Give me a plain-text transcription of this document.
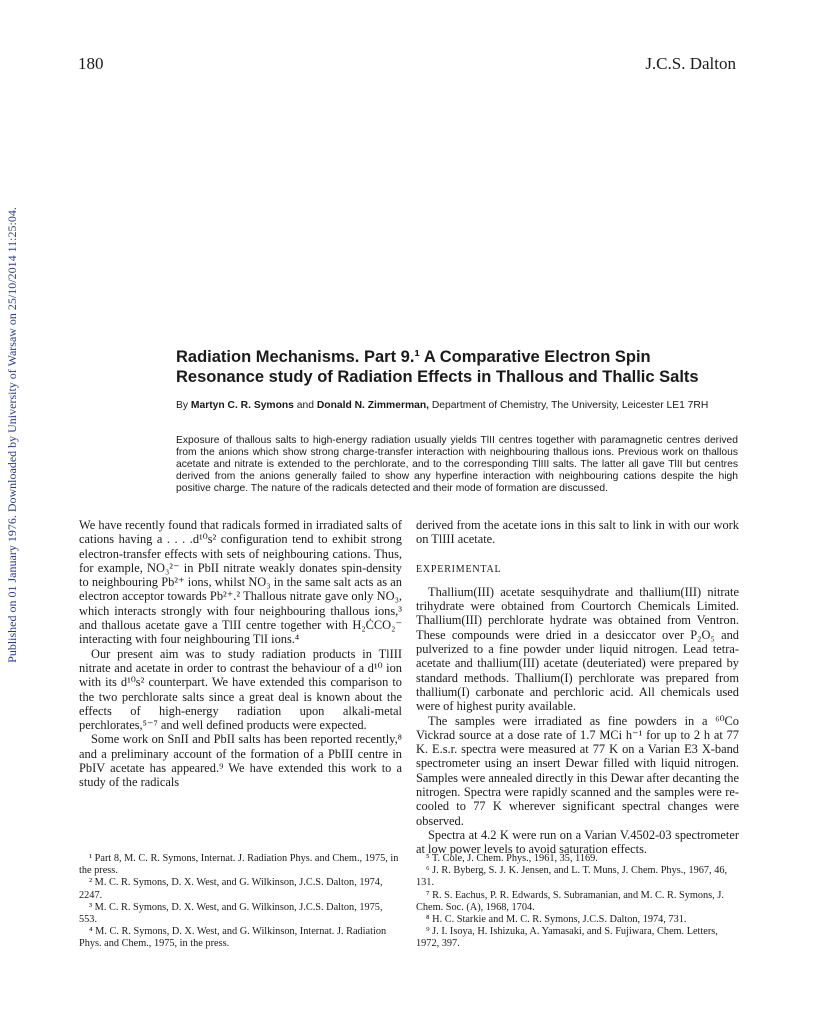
180	J.C.S. Dalton
Published on 01 January 1976. Downloaded by University of Warsaw on 25/10/2014 11:25:04.	Radiation Mechanisms. Part 9.¹ A Comparative Electron Spin Resonance study of Radiation Effects in Thallous and Thallic Salts
By Martyn C. R. Symons and Donald N. Zimmerman, Department of Chemistry, The University, Leicester LE1 7RH
Exposure of thallous salts to high-energy radiation usually yields TlII centres together with paramagnetic centres derived from the anions which show strong charge-transfer interaction with neighbouring thallous ions. Previous work on thallous acetate and nitrate is extended to the perchlorate, and to the corresponding TlIII salts. The latter all gave TlII but centres derived from the anions generally failed to show any hyperfine interaction with neighbouring cations despite the high positive charge. The nature of the radicals detected and their mode of formation are discussed.

We have recently found that radicals formed in irradiated salts of cations having a . . . .d¹⁰s² configuration tend to exhibit strong electron-transfer effects with sets of neighbouring cations. Thus, for example, NO₃²⁻ in PbII nitrate weakly donates spin-density to neighbouring Pb²⁺ ions, whilst NO₃ in the same salt acts as an electron acceptor towards Pb²⁺.² Thallous nitrate gave only NO₃, which interacts strongly with four neighbouring thallous ions,³ and thallous acetate gave a TlII centre together with H₂ĊCO₂⁻ interacting with four neighbouring TlI ions.⁴

Our present aim was to study radiation products in TlIII nitrate and acetate in order to contrast the behaviour of a d¹⁰ ion with its d¹⁰s² counterpart. We have extended this comparison to the two perchlorate salts since a great deal is known about the effects of high-energy radiation upon alkali-metal perchlorates,⁵⁻⁷ and well defined products were expected.

Some work on SnII and PbII salts has been reported recently,⁸ and a preliminary account of the formation of a PbIII centre in PbIV acetate has appeared.⁹ We have extended this work to a study of the radicals

derived from the acetate ions in this salt to link in with our work on TlIII acetate.

EXPERIMENTAL

Thallium(III) acetate sesquihydrate and thallium(III) nitrate trihydrate were obtained from Courtorch Chemicals Limited. Thallium(III) perchlorate hydrate was obtained from Ventron. These compounds were dried in a desiccator over P₂O₅ and pulverized to a fine powder under liquid nitrogen. Lead tetra-acetate and thallium(III) acetate (deuteriated) were prepared by standard methods. Thallium(I) perchlorate was prepared from thallium(I) carbonate and perchloric acid. All chemicals used were of highest purity available.

The samples were irradiated as fine powders in a ⁶⁰Co Vickrad source at a dose rate of 1.7 MCi h⁻¹ for up to 2 h at 77 K. E.s.r. spectra were measured at 77 K on a Varian E3 X-band spectrometer using an insert Dewar filled with liquid nitrogen. Samples were annealed directly in this Dewar after decanting the nitrogen. Spectra were rapidly scanned and the samples were re-cooled to 77 K wherever significant spectral changes were observed.

Spectra at 4.2 K were run on a Varian V.4502-03 spectrometer at low power levels to avoid saturation effects.

¹ Part 8, M. C. R. Symons, Internat. J. Radiation Phys. and Chem., 1975, in the press.

² M. C. R. Symons, D. X. West, and G. Wilkinson, J.C.S. Dalton, 1974, 2247.

³ M. C. R. Symons, D. X. West, and G. Wilkinson, J.C.S. Dalton, 1975, 553.

⁴ M. C. R. Symons, D. X. West, and G. Wilkinson, Internat. J. Radiation Phys. and Chem., 1975, in the press.

⁵ T. Cole, J. Chem. Phys., 1961, 35, 1169.

⁶ J. R. Byberg, S. J. K. Jensen, and L. T. Muns, J. Chem. Phys., 1967, 46, 131.

⁷ R. S. Eachus, P. R. Edwards, S. Subramanian, and M. C. R. Symons, J. Chem. Soc. (A), 1968, 1704.

⁸ H. C. Starkie and M. C. R. Symons, J.C.S. Dalton, 1974, 731.

⁹ J. I. Isoya, H. Ishizuka, A. Yamasaki, and S. Fujiwara, Chem. Letters, 1972, 397.
